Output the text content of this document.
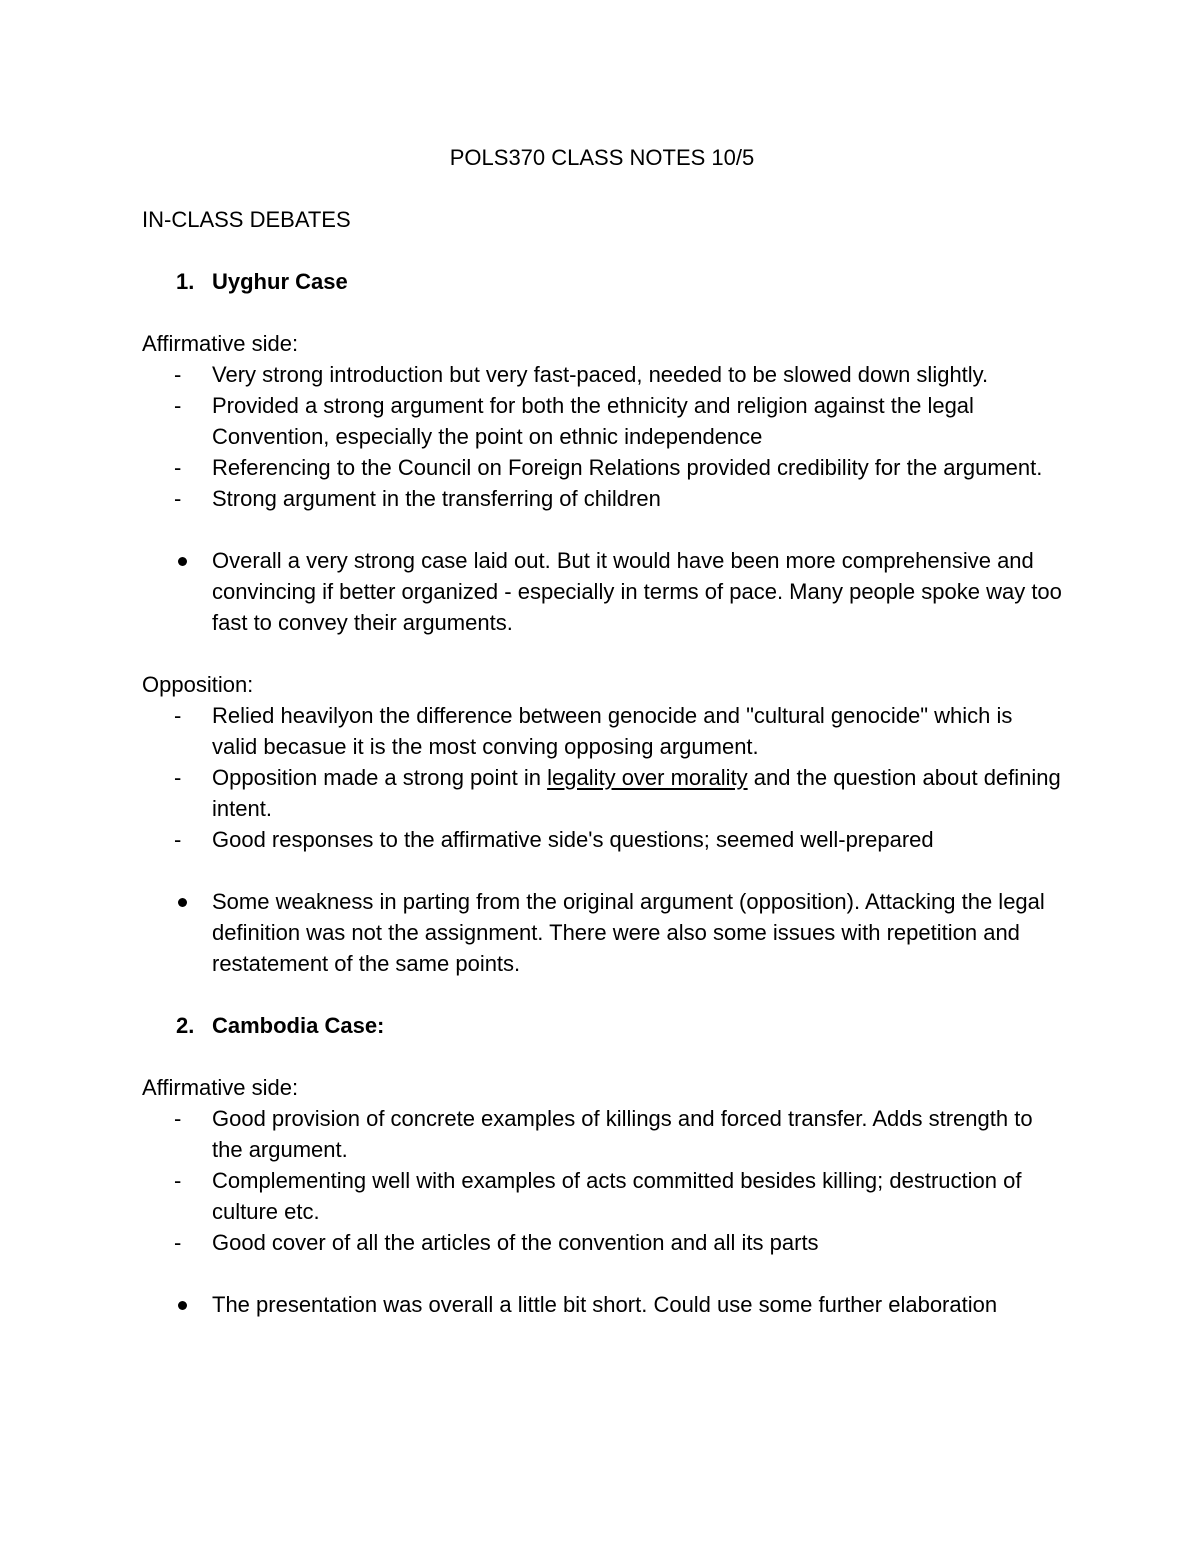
POLS370 CLASS NOTES 10/5

IN-CLASS DEBATES

1. Uyghur Case

Affirmative side:

- Very strong introduction but very fast-paced, needed to be slowed down slightly.
- Provided a strong argument for both the ethnicity and religion against the legal Convention, especially the point on ethnic independence
- Referencing to the Council on Foreign Relations provided credibility for the argument.
- Strong argument in the transferring of children
Overall a very strong case laid out. But it would have been more comprehensive and convincing if better organized - especially in terms of pace. Many people spoke way too fast to convey their arguments.

Opposition:

- Relied heavilyon the difference between genocide and "cultural genocide" which is valid becasue it is the most conving opposing argument.
- Opposition made a strong point in legality over morality and the question about defining intent.
- Good responses to the affirmative side's questions; seemed well-prepared
Some weakness in parting from the original argument (opposition). Attacking the legal definition was not the assignment. There were also some issues with repetition and restatement of the same points.
2. Cambodia Case:

Affirmative side:

- Good provision of concrete examples of killings and forced transfer. Adds strength to the argument.
- Complementing well with examples of acts committed besides killing; destruction of culture etc.
- Good cover of all the articles of the convention and all its parts
The presentation was overall a little bit short. Could use some further elaboration
